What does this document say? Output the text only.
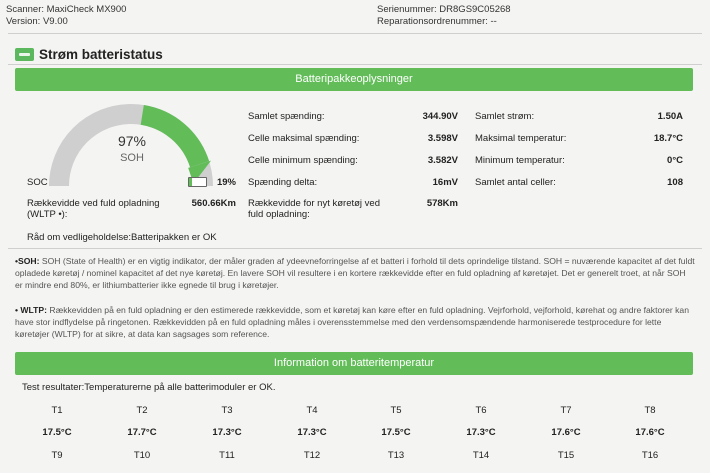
Scanner: MaxiCheck MX900
Version: V9.00
Serienummer: DR8GS9C05268
Reparationsordrenummer: --
Strøm batteristatus
Batteripakkeoplysninger
97%
SOH
SOC	19%
Rækkevidde ved fuld opladning (WLTP •):
560.66Km
Råd om vedligeholdelse:Batteripakken er OK
Samlet spænding:	344.90V
Celle maksimal spænding:	3.598V
Celle minimum spænding:	3.582V
Spænding delta:	16mV
Rækkevidde for nyt køretøj ved fuld opladning:
578Km
Samlet strøm:	1.50A
Maksimal temperatur:	18.7°C
Minimum temperatur:	0°C
Samlet antal celler:	108
•SOH: SOH (State of Health) er en vigtig indikator, der måler graden af ydeevneforringelse af et batteri i forhold til dets oprindelige tilstand. SOH = nuværende kapacitet af det fuldt opladede køretøj / nominel kapacitet af det nye køretøj. En lavere SOH vil resultere i en kortere rækkevidde efter en fuld opladning af køretøjet. Det er generelt troet, at når SOH er mindre end 80%, er lithiumbatterier ikke egnede til brug i køretøjer.
• WLTP: Rækkevidden på en fuld opladning er den estimerede rækkevidde, som et køretøj kan køre efter en fuld opladning. Vejrforhold, vejforhold, kørehat og andre faktorer kan have stor indflydelse på ringetonen. Rækkevidden på en fuld opladning måles i overensstemmelse med den verdensomspændende harmoniserede testprocedure for lette køretøjer (WLTP) for at sikre, at data kan sagsages som reference.
Information om batteritemperatur
Test resultater:Temperaturerne på alle batterimoduler er OK.
T1	T2	T3	T4	T5	T6	T7	T8
17.5°C	17.7°C	17.3°C	17.3°C	17.5°C	17.3°C	17.6°C	17.6°C
T9	T10	T11	T12	T13	T14	T15	T16
